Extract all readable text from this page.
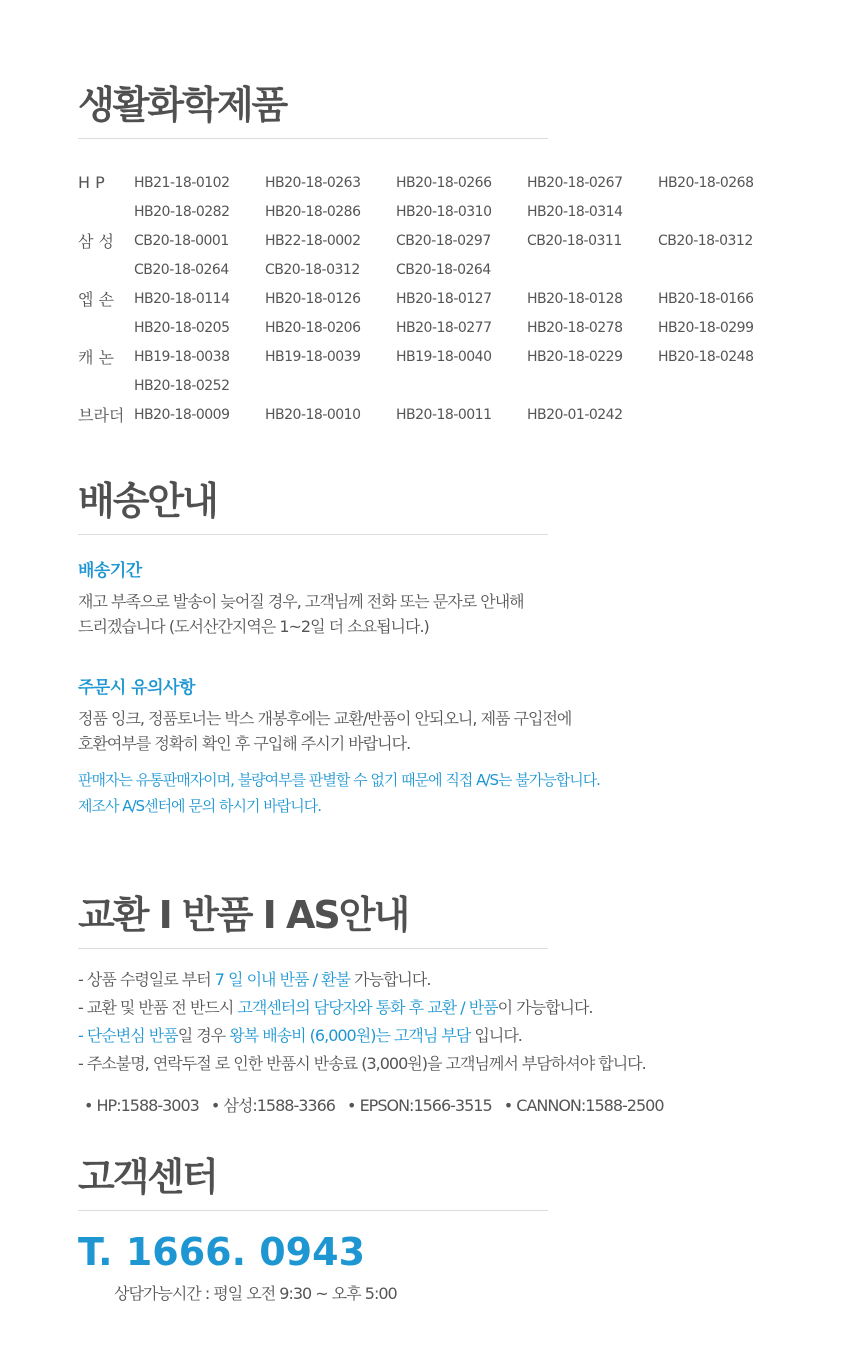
생활화학제품
H P	HB21-18-0102	HB20-18-0263	HB20-18-0266	HB20-18-0267	HB20-18-0268
	HB20-18-0282	HB20-18-0286	HB20-18-0310	HB20-18-0314	
삼 성	CB20-18-0001	HB22-18-0002	CB20-18-0297	CB20-18-0311	CB20-18-0312
	CB20-18-0264	CB20-18-0312	CB20-18-0264		
엡 손	HB20-18-0114	HB20-18-0126	HB20-18-0127	HB20-18-0128	HB20-18-0166
	HB20-18-0205	HB20-18-0206	HB20-18-0277	HB20-18-0278	HB20-18-0299
캐 논	HB19-18-0038	HB19-18-0039	HB19-18-0040	HB20-18-0229	HB20-18-0248
	HB20-18-0252				
브라더	HB20-18-0009	HB20-18-0010	HB20-18-0011	HB20-01-0242	
배송안내
배송기간
재고 부족으로 발송이 늦어질 경우, 고객님께 전화 또는 문자로 안내해
드리겠습니다 (도서산간지역은 1~2일 더 소요됩니다.)
주문시 유의사항
정품 잉크, 정품토너는 박스 개봉후에는 교환/반품이 안되오니, 제품 구입전에
호환여부를 정확히 확인 후 구입해 주시기 바랍니다.
판매자는 유통판매자이며, 불량여부를 판별할 수 없기 때문에 직접 A/S는 불가능합니다.
제조사 A/S센터에 문의 하시기 바랍니다.
교환 I 반품 I AS안내
- 상품 수령일로 부터 7 일 이내 반품 / 환불 가능합니다.
- 교환 및 반품 전 반드시 고객센터의 담당자와 통화 후 교환 / 반품이 가능합니다.
- 단순변심 반품일 경우 왕복 배송비 (6,000원)는 고객님 부담 입니다.
- 주소불명, 연락두절 로 인한 반품시 반송료 (3,000원)을 고객님께서 부담하셔야 합니다.
• HP:1588-3003 • 삼성:1588-3366 • EPSON:1566-3515 • CANNON:1588-2500
고객센터
T. 1666. 0943
상담가능시간 : 평일 오전 9:30 ~ 오후 5:00
